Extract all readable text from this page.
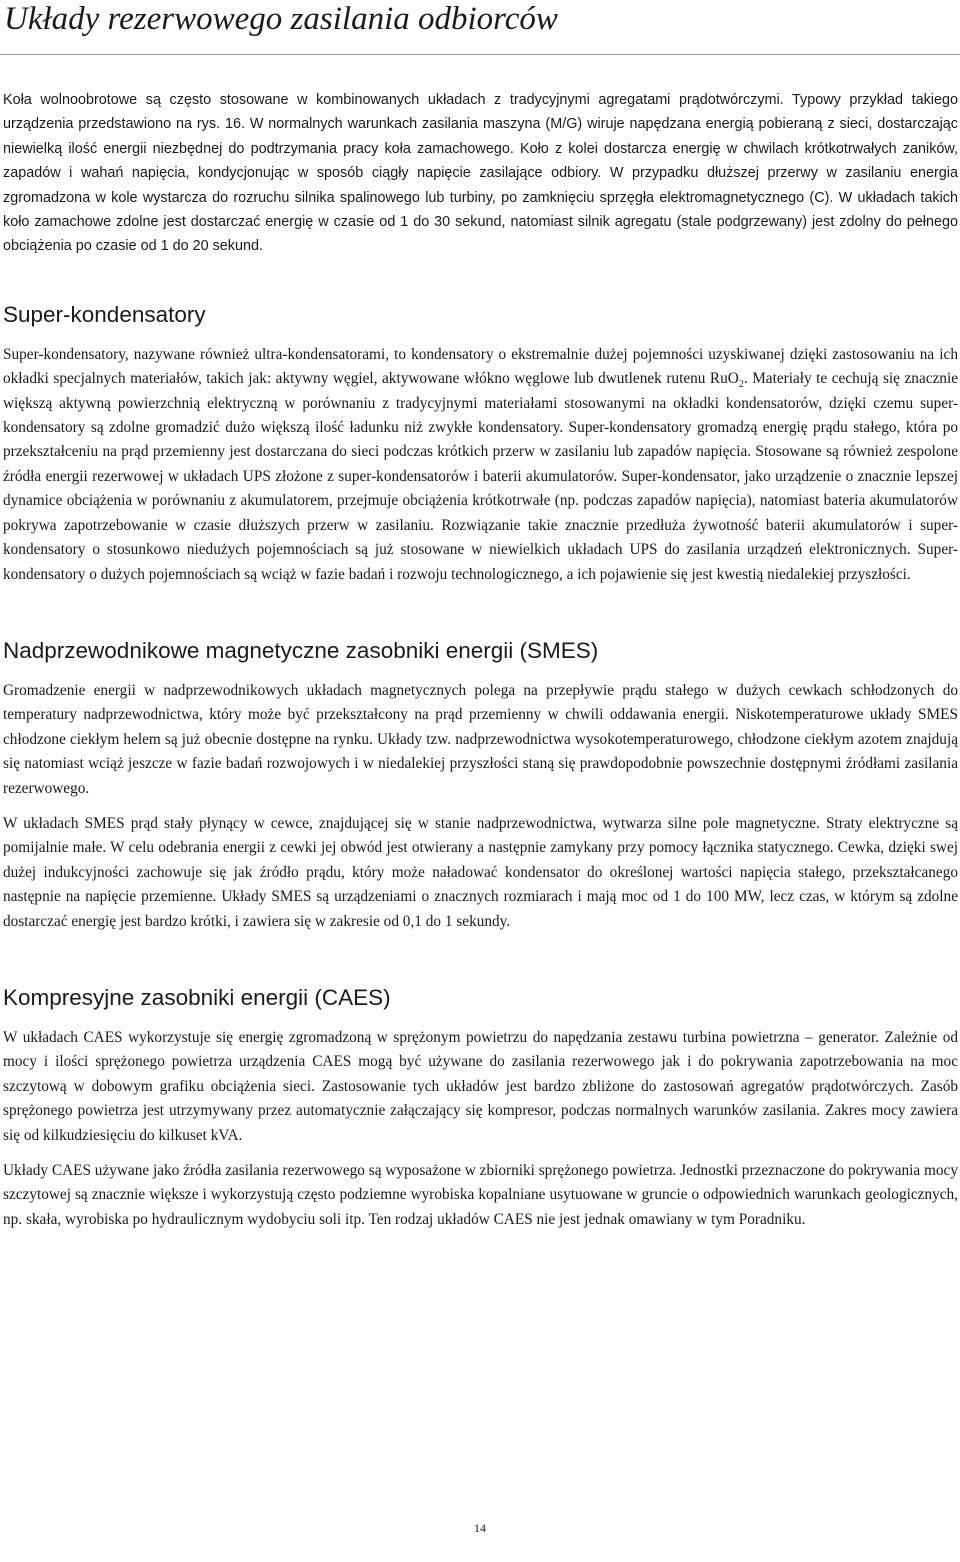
Układy rezerwowego zasilania odbiorców

Koła wolnoobrotowe są często stosowane w kombinowanych układach z tradycyjnymi agregatami prądotwórczymi. Typowy przykład takiego urządzenia przedstawiono na rys. 16. W normalnych warunkach zasilania maszyna (M/G) wiruje napędzana energią pobieraną z sieci, dostarczając niewielką ilość energii niezbędnej do podtrzymania pracy koła zamachowego. Koło z kolei dostarcza energię w chwilach krótkotrwałych zaników, zapadów i wahań napięcia, kondycjonując w sposób ciągły napięcie zasilające odbiory. W przypadku dłuższej przerwy w zasilaniu energia zgromadzona w kole wystarcza do rozruchu silnika spalinowego lub turbiny, po zamknięciu sprzęgła elektromagnetycznego (C). W układach takich koło zamachowe zdolne jest dostarczać energię w czasie od 1 do 30 sekund, natomiast silnik agregatu (stale podgrzewany) jest zdolny do pełnego obciążenia po czasie od 1 do 20 sekund.

Super-kondensatory

Super-kondensatory, nazywane również ultra-kondensatorami, to kondensatory o ekstremalnie dużej pojemności uzyskiwanej dzięki zastosowaniu na ich okładki specjalnych materiałów, takich jak: aktywny węgiel, aktywowane włókno węglowe lub dwutlenek rutenu RuO$_2$. Materiały te cechują się znacznie większą aktywną powierzchnią elektryczną w porównaniu z tradycyjnymi materiałami stosowanymi na okładki kondensatorów, dzięki czemu super-kondensatory są zdolne gromadzić dużo większą ilość ładunku niż zwykłe kondensatory. Super-kondensatory gromadzą energię prądu stałego, która po przekształceniu na prąd przemienny jest dostarczana do sieci podczas krótkich przerw w zasilaniu lub zapadów napięcia. Stosowane są również zespolone źródła energii rezerwowej w układach UPS złożone z super-kondensatorów i baterii akumulatorów. Super-kondensator, jako urządzenie o znacznie lepszej dynamice obciążenia w porównaniu z akumulatorem, przejmuje obciążenia krótkotrwałe (np. podczas zapadów napięcia), natomiast bateria akumulatorów pokrywa zapotrzebowanie w czasie dłuższych przerw w zasilaniu. Rozwiązanie takie znacznie przedłuża żywotność baterii akumulatorów i super-kondensatory o stosunkowo niedużych pojemnościach są już stosowane w niewielkich układach UPS do zasilania urządzeń elektronicznych. Super-kondensatory o dużych pojemnościach są wciąż w fazie badań i rozwoju technologicznego, a ich pojawienie się jest kwestią niedalekiej przyszłości.

Nadprzewodnikowe magnetyczne zasobniki energii (SMES)

Gromadzenie energii w nadprzewodnikowych układach magnetycznych polega na przepływie prądu stałego w dużych cewkach schłodzonych do temperatury nadprzewodnictwa, który może być przekształcony na prąd przemienny w chwili oddawania energii. Niskotemperaturowe układy SMES chłodzone ciekłym helem są już obecnie dostępne na rynku. Układy tzw. nadprzewodnictwa wysokotemperaturowego, chłodzone ciekłym azotem znajdują się natomiast wciąż jeszcze w fazie badań rozwojowych i w niedalekiej przyszłości staną się prawdopodobnie powszechnie dostępnymi źródłami zasilania rezerwowego.

W układach SMES prąd stały płynący w cewce, znajdującej się w stanie nadprzewodnictwa, wytwarza silne pole magnetyczne. Straty elektryczne są pomijalnie małe. W celu odebrania energii z cewki jej obwód jest otwierany a następnie zamykany przy pomocy łącznika statycznego. Cewka, dzięki swej dużej indukcyjności zachowuje się jak źródło prądu, który może naładować kondensator do określonej wartości napięcia stałego, przekształcanego następnie na napięcie przemienne. Układy SMES są urządzeniami o znacznych rozmiarach i mają moc od 1 do 100 MW, lecz czas, w którym są zdolne dostarczać energię jest bardzo krótki, i zawiera się w zakresie od 0,1 do 1 sekundy.

Kompresyjne zasobniki energii (CAES)

W układach CAES wykorzystuje się energię zgromadzoną w sprężonym powietrzu do napędzania zestawu turbina powietrzna – generator. Zależnie od mocy i ilości sprężonego powietrza urządzenia CAES mogą być używane do zasilania rezerwowego jak i do pokrywania zapotrzebowania na moc szczytową w dobowym grafiku obciążenia sieci. Zastosowanie tych układów jest bardzo zbliżone do zastosowań agregatów prądotwórczych. Zasób sprężonego powietrza jest utrzymywany przez automatycznie załączający się kompresor, podczas normalnych warunków zasilania. Zakres mocy zawiera się od kilkudziesięciu do kilkuset kVA.

Układy CAES używane jako źródła zasilania rezerwowego są wyposażone w zbiorniki sprężonego powietrza. Jednostki przeznaczone do pokrywania mocy szczytowej są znacznie większe i wykorzystują często podziemne wyrobiska kopalniane usytuowane w gruncie o odpowiednich warunkach geologicznych, np. skała, wyrobiska po hydraulicznym wydobyciu soli itp. Ten rodzaj układów CAES nie jest jednak omawiany w tym Poradniku.

14
